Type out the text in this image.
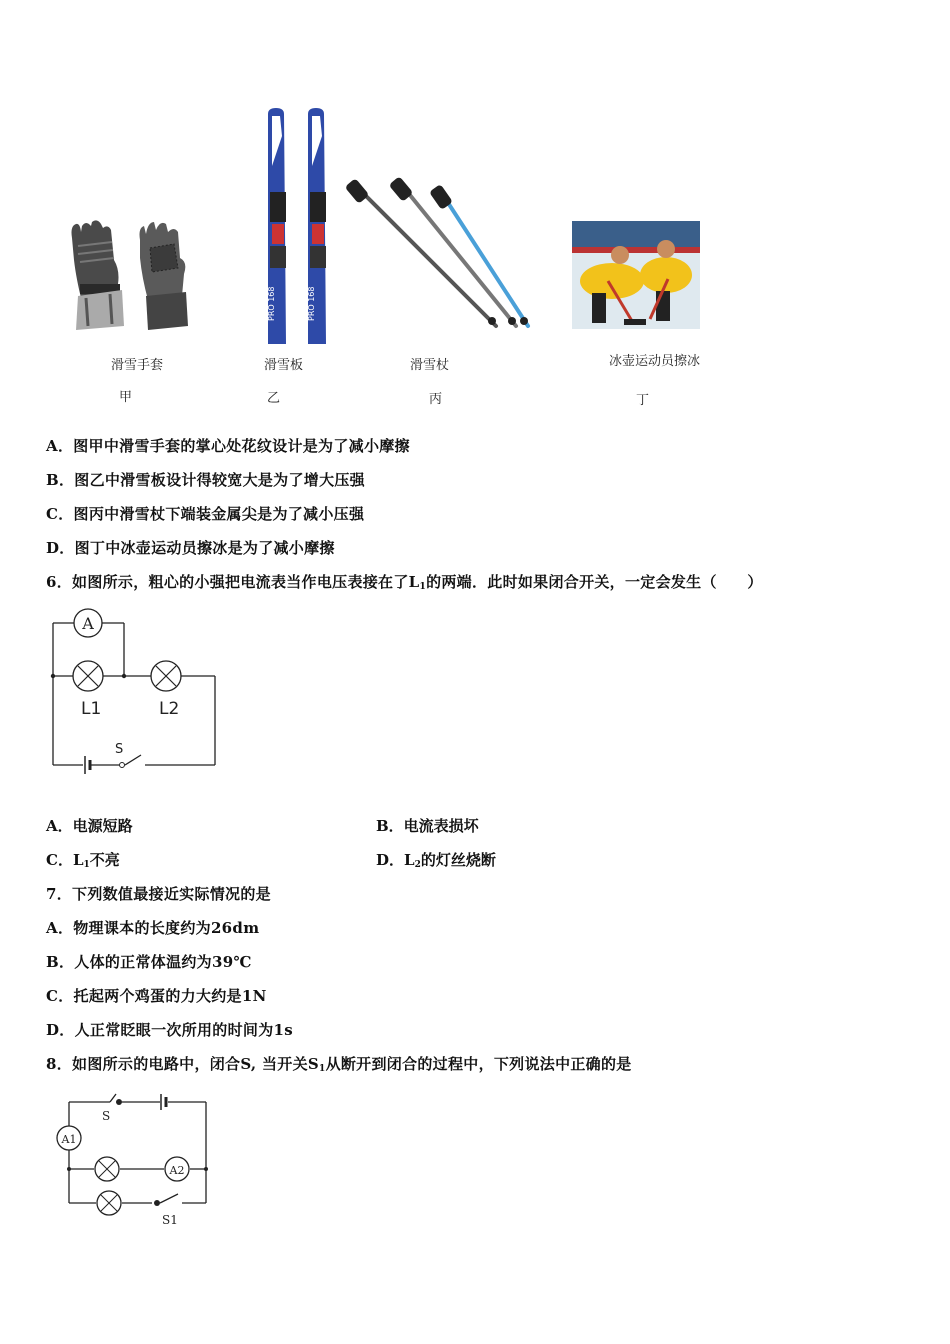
PRO 168	PRO 168
滑雪手套	滑雪板	滑雪杖	冰壶运动员擦冰
甲	乙	丙	丁
A．图甲中滑雪手套的掌心处花纹设计是为了减小摩擦
B．图乙中滑雪板设计得较宽大是为了增大压强
C．图丙中滑雪杖下端装金属尖是为了减小压强
D．图丁中冰壶运动员擦冰是为了减小摩擦
6．如图所示，粗心的小强把电流表当作电压表接在了$L_1$的两端．此时如果闭合开关，一定会发生（　　）
A
L1	L2
S
A．电源短路	B．电流表损坏
C．$L_1$不亮	D．$L_2$的灯丝烧断
7．下列数值最接近实际情况的是
A．物理课本的长度约为26dm
B．人体的正常体温约为39℃
C．托起两个鸡蛋的力大约是1N
D．人正常眨眼一次所用的时间为1s
8．如图所示的电路中，闭合S, 当开关$S_1$从断开到闭合的过程中，下列说法中正确的是
A1
A2
S
S1
